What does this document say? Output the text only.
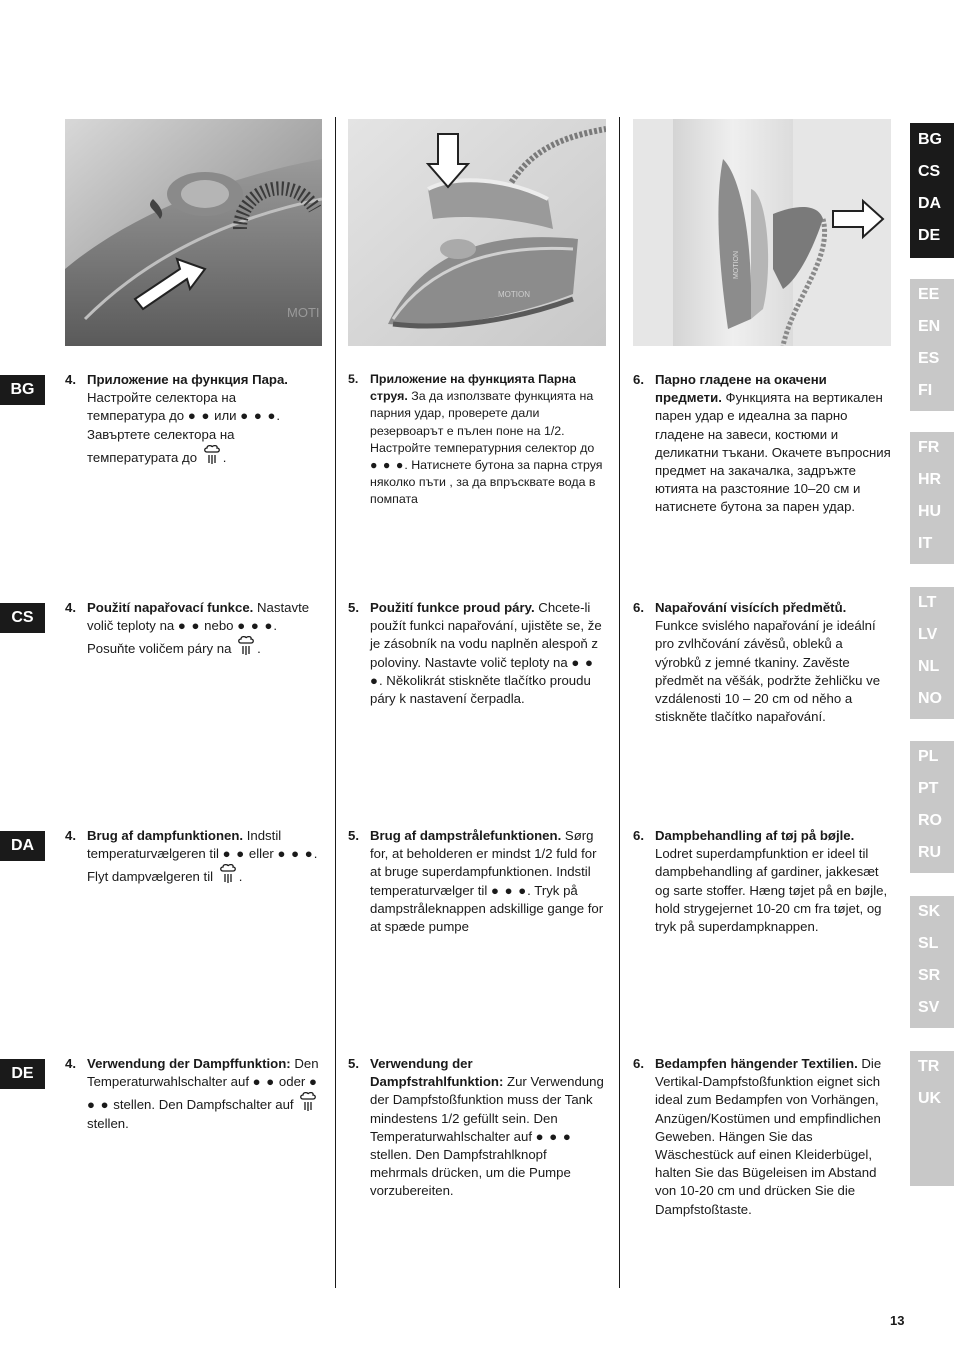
MOTI
MOTION
MOTION
BG
CS
DA
DE
4. Приложение на функция Пара. Настройте селектора на температура до ● ● или ● ● ●. Завъртете селектора на температурата до .
5. Приложение на функцията Парна струя. За да използвате функцията на парния удар, проверете дали резервоарът е пълен поне на 1/2. Настройте температурния селектор до ● ● ●. Натиснете бутона за парна струя няколко пъти , за да впръсквате вода в помпата
6. Парно гладене на окачени предмети. Функцията на вертикален парен удар е идеална за парно гладене на завеси, костюми и деликатни тъкани. Окачете въпросния предмет на закачалка, задръжте ютията на разстояние 10–20 см и натиснете бутона за парен удар.
4. Použití napařovací funkce. Nastavte volič teploty na ● ● nebo ● ● ●. Posuňte voličem páry na .
5. Použití funkce proud páry. Chcete-li použít funkci napařování, ujistěte se, že je zásobník na vodu naplněn alespoň z poloviny. Nastavte volič teploty na ● ● ●. Několikrát stiskněte tlačítko proudu páry k nastavení čerpadla.
6. Napařování visících předmětů. Funkce svislého napařování je ideální pro zvlhčování závěsů, obleků a výrobků z jemné tkaniny. Zavěste předmět na věšák, podržte žehličku ve vzdálenosti 10 – 20 cm od něho a stiskněte tlačítko napařování.
4. Brug af dampfunktionen. Indstil temperaturvælgeren til ● ● eller ● ● ●. Flyt dampvælgeren til .
5. Brug af dampstrålefunktionen. Sørg for, at beholderen er mindst 1/2 fuld for at bruge superdampfunktionen. Indstil temperaturvælger til ● ● ●. Tryk på dampstråleknappen adskillige gange for at spæde pumpe
6. Dampbehandling af tøj på bøjle. Lodret superdampfunktion er ideel til dampbehandling af gardiner, jakkesæt og sarte stoffer. Hæng tøjet på en bøjle, hold strygejernet 10-20 cm fra tøjet, og tryk på superdampknappen.
4. Verwendung der Dampffunktion: Den Temperaturwahlschalter auf ● ● oder ● ● ● stellen. Den Dampfschalter auf  stellen.
5. Verwendung der Dampfstrahlfunktion: Zur Verwendung der Dampfstoßfunktion muss der Tank mindestens 1/2 gefüllt sein. Den Temperaturwahlschalter auf ● ● ● stellen. Den Dampfstrahlknopf mehrmals drücken, um die Pumpe vorzubereiten.
6. Bedampfen hängender Textilien. Die Vertikal-Dampfstoßfunktion eignet sich ideal zum Bedampfen von Vorhängen, Anzügen/Kostümen und empfindlichen Geweben. Hängen Sie das Wäschestück auf einen Kleiderbügel, halten Sie das Bügeleisen im Abstand von 10-20 cm und drücken Sie die Dampfstoßtaste.
BG
CS
DA
DE
EE
EN
ES
FI
FR
HR
HU
IT
LT
LV
NL
NO
PL
PT
RO
RU
SK
SL
SR
SV
TR
UK
13
